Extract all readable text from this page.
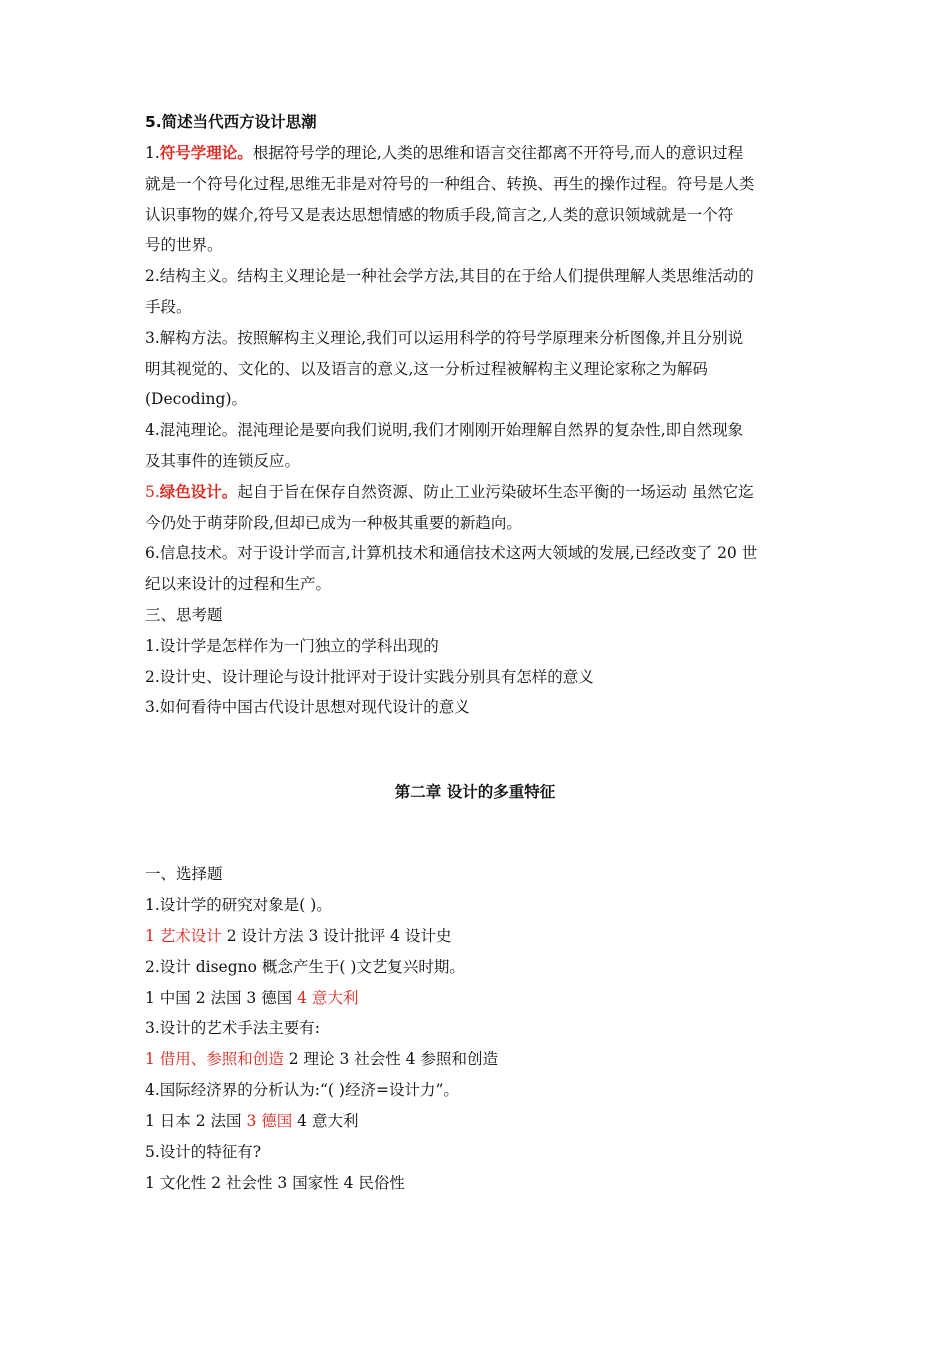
5.简述当代西方设计思潮
1.符号学理论。根据符号学的理论,人类的思维和语言交往都离不开符号,而人的意识过程
就是一个符号化过程,思维无非是对符号的一种组合、转换、再生的操作过程。符号是人类
认识事物的媒介,符号又是表达思想情感的物质手段,简言之,人类的意识领域就是一个符
号的世界。
2.结构主义。结构主义理论是一种社会学方法,其目的在于给人们提供理解人类思维活动的
手段。
3.解构方法。按照解构主义理论,我们可以运用科学的符号学原理来分析图像,并且分别说
明其视觉的、文化的、以及语言的意义,这一分析过程被解构主义理论家称之为解码
(Decoding)。
4.混沌理论。混沌理论是要向我们说明,我们才刚刚开始理解自然界的复杂性,即自然现象
及其事件的连锁反应。
5.绿色设计。起自于旨在保存自然资源、防止工业污染破坏生态平衡的一场运动 虽然它迄
今仍处于萌芽阶段,但却已成为一种极其重要的新趋向。
6.信息技术。对于设计学而言,计算机技术和通信技术这两大领域的发展,已经改变了 20 世
纪以来设计的过程和生产。
三、思考题
1.设计学是怎样作为一门独立的学科出现的
2.设计史、设计理论与设计批评对于设计实践分别具有怎样的意义
3.如何看待中国古代设计思想对现代设计的意义
第二章 设计的多重特征
一、选择题
1.设计学的研究对象是( )。
1 艺术设计 2 设计方法 3 设计批评 4 设计史
2.设计 disegno 概念产生于( )文艺复兴时期。
1 中国 2 法国 3 德国 4 意大利
3.设计的艺术手法主要有:
1 借用、参照和创造 2 理论 3 社会性 4 参照和创造
4.国际经济界的分析认为:“( )经济=设计力”。
1 日本 2 法国 3 德国 4 意大利
5.设计的特征有?
1 文化性 2 社会性 3 国家性 4 民俗性
